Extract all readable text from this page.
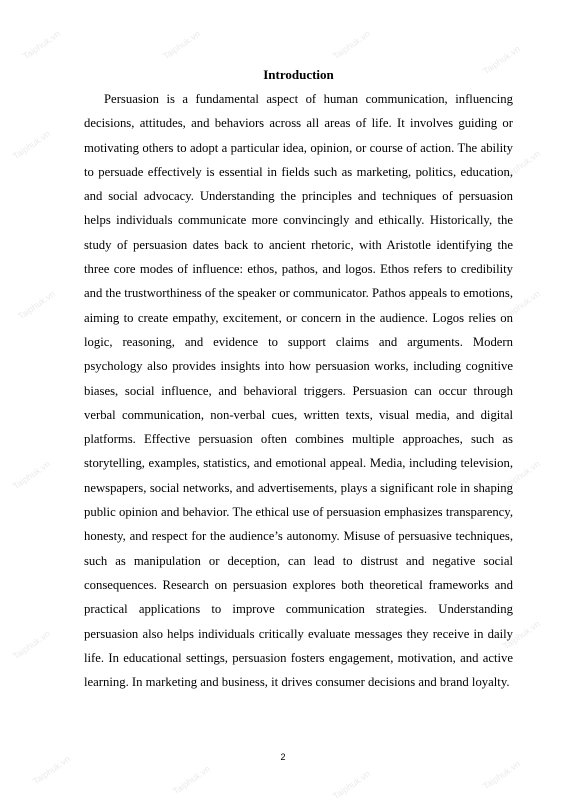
Taiphuk.vn	Taiphuk.vn	Taiphuk.vn	Taiphuk.vn
Taiphuk.vn
Taiphuk.vn
Taiphuk.vn	Taiphuk.vn
Taiphuk.vn	Taiphuk.vn
Taiphuk.vn	Taiphuk.vn
Taiphuk.vn	Taiphuk.vn	Taiphuk.vn	Taiphuk.vn
Introduction

Persuasion is a fundamental aspect of human communication, influencing decisions, attitudes, and behaviors across all areas of life. It involves guiding or motivating others to adopt a particular idea, opinion, or course of action. The ability to persuade effectively is essential in fields such as marketing, politics, education, and social advocacy. Understanding the principles and techniques of persuasion helps individuals communicate more convincingly and ethically. Historically, the study of persuasion dates back to ancient rhetoric, with Aristotle identifying the three core modes of influence: ethos, pathos, and logos. Ethos refers to credibility and the trustworthiness of the speaker or communicator. Pathos appeals to emotions, aiming to create empathy, excitement, or concern in the audience. Logos relies on logic, reasoning, and evidence to support claims and arguments. Modern psychology also provides insights into how persuasion works, including cognitive biases, social influence, and behavioral triggers. Persuasion can occur through verbal communication, non-verbal cues, written texts, visual media, and digital platforms. Effective persuasion often combines multiple approaches, such as storytelling, examples, statistics, and emotional appeal. Media, including television, newspapers, social networks, and advertisements, plays a significant role in shaping public opinion and behavior. The ethical use of persuasion emphasizes transparency, honesty, and respect for the audience’s autonomy. Misuse of persuasive techniques, such as manipulation or deception, can lead to distrust and negative social consequences. Research on persuasion explores both theoretical frameworks and practical applications to improve communication strategies. Understanding persuasion also helps individuals critically evaluate messages they receive in daily life. In educational settings, persuasion fosters engagement, motivation, and active learning. In marketing and business, it drives consumer decisions and brand loyalty.

2
